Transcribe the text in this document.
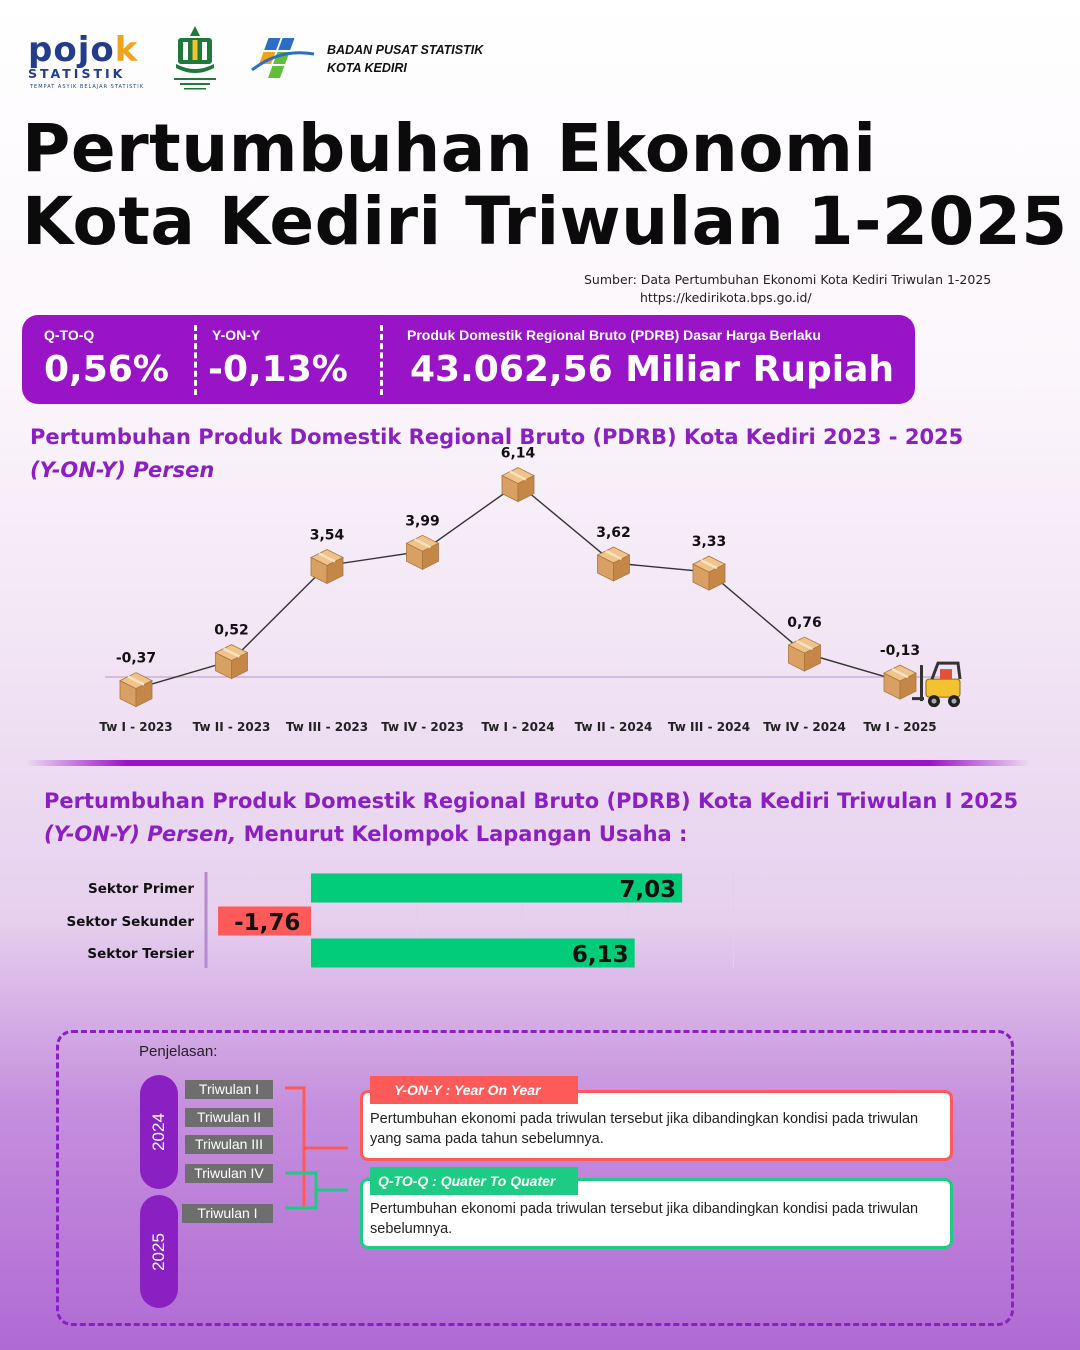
pojok
STATISTIK
TEMPAT ASYIK BELAJAR STATISTIK
BADAN PUSAT STATISTIK
KOTA KEDIRI
Pertumbuhan Ekonomi
Kota Kediri Triwulan 1-2025
Sumber: Data Pertumbuhan Ekonomi Kota Kediri Triwulan 1-2025
https://kedirikota.bps.go.id/
Q-TO-Q
0,56%
Y-ON-Y
-0,13%
Produk Domestik Regional Bruto (PDRB) Dasar Harga Berlaku
43.062,56 Miliar Rupiah
Pertumbuhan Produk Domestik Regional Bruto (PDRB) Kota Kediri 2023 - 2025
(Y-ON-Y) Persen
-0,37
Tw I - 2023
0,52
Tw II - 2023
3,54
Tw III - 2023
3,99
Tw IV - 2023
6,14
Tw I - 2024
3,62
Tw II - 2024
3,33
Tw III - 2024
0,76
Tw IV - 2024
-0,13
Tw I - 2025
Pertumbuhan Produk Domestik Regional Bruto (PDRB) Kota Kediri Triwulan I 2025
(Y-ON-Y) Persen, Menurut Kelompok Lapangan Usaha :
7,03
Sektor Primer
-1,76
Sektor Sekunder
6,13
Sektor Tersier
Penjelasan:
2024
2025
Triwulan I
Triwulan II
Triwulan III
Triwulan IV
Triwulan I
Y-ON-Y : Year On Year
Pertumbuhan ekonomi pada triwulan tersebut jika dibandingkan kondisi pada triwulan yang sama pada tahun sebelumnya.
Q-TO-Q : Quater To Quater
Pertumbuhan ekonomi pada triwulan tersebut jika dibandingkan kondisi pada triwulan sebelumnya.
